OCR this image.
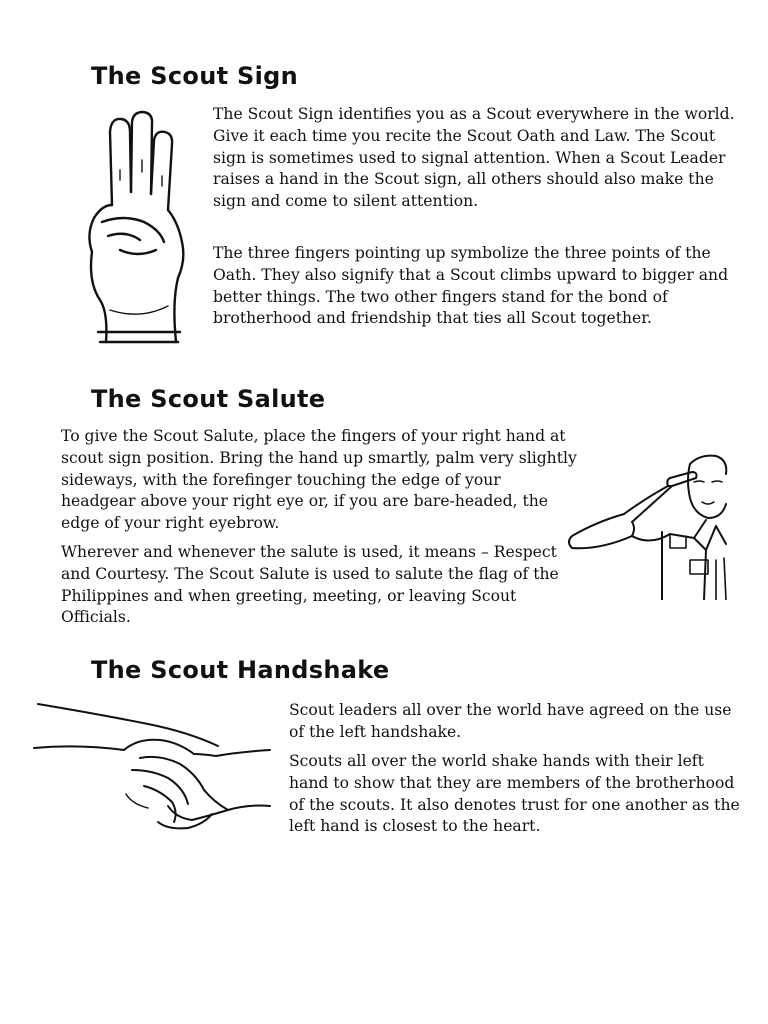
The Scout Sign

The Scout Sign identifies you as a Scout everywhere in the world. Give it each time you recite the Scout Oath and Law. The Scout sign is sometimes used to signal attention. When a Scout Leader raises a hand in the Scout sign, all others should also make the sign and come to silent attention.

The three fingers pointing up symbolize the three points of the Oath. They also signify that a Scout climbs upward to bigger and better things. The two other fingers stand for the bond of brotherhood and friendship that ties all Scout together.

The Scout Salute

To give the Scout Salute, place the fingers of your right hand at scout sign position. Bring the hand up smartly, palm very slightly sideways, with the forefinger touching the edge of your headgear above your right eye or, if you are bare-headed, the edge of your right eyebrow.

Wherever and whenever the salute is used, it means – Respect and Courtesy. The Scout Salute is used to salute the flag of the Philippines and when greeting, meeting, or leaving Scout Officials.

The Scout Handshake

Scout leaders all over the world have agreed on the use of the left handshake.

Scouts all over the world shake hands with their left hand to show that they are members of the brotherhood of the scouts. It also denotes trust for one another as the left hand is closest to the heart.
